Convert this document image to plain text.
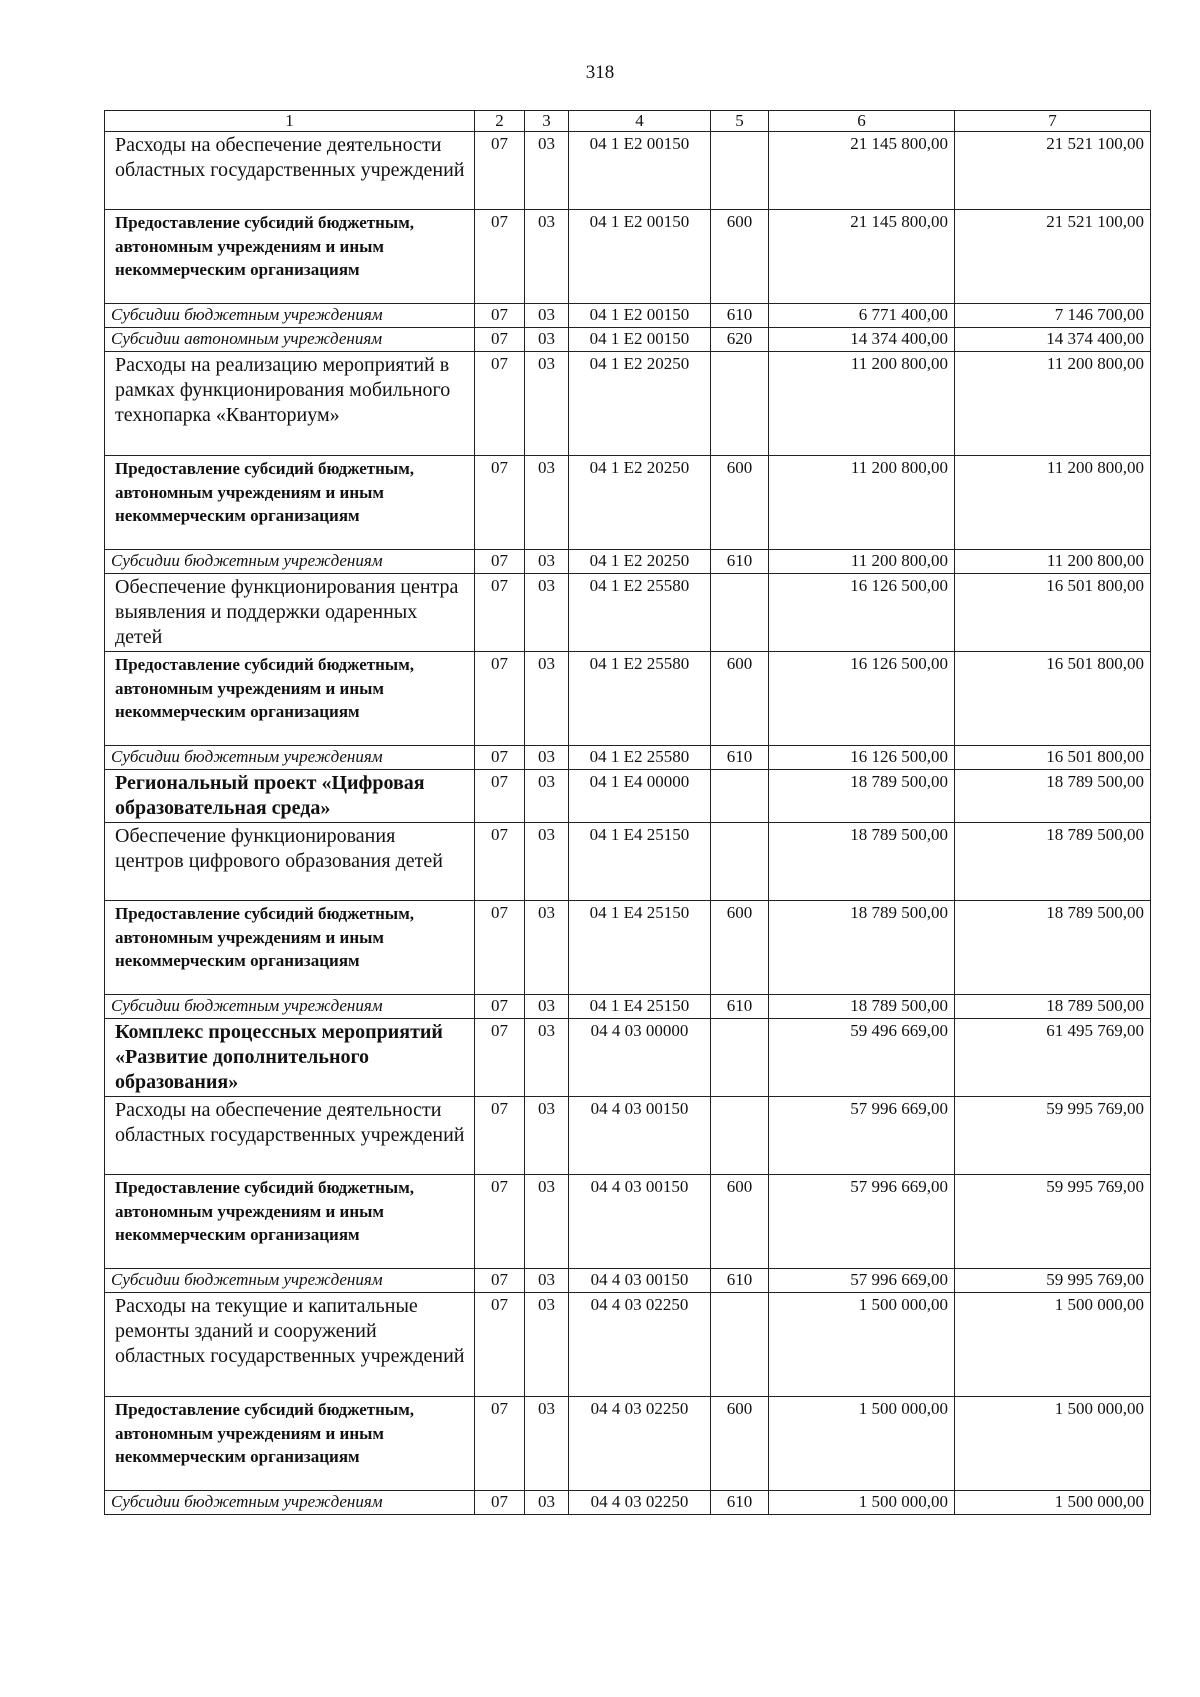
318
1	2	3	4	5	6	7
Расходы на обеспечение деятельности областных государственных учреждений	07	03	04 1 E2 00150		21 145 800,00	21 521 100,00
Предоставление субсидий бюджетным, автономным учреждениям и иным некоммерческим организациям	07	03	04 1 E2 00150	600	21 145 800,00	21 521 100,00
Субсидии бюджетным учреждениям	07	03	04 1 E2 00150	610	6 771 400,00	7 146 700,00
Субсидии автономным учреждениям	07	03	04 1 E2 00150	620	14 374 400,00	14 374 400,00
Расходы на реализацию мероприятий в рамках функционирования мобильного технопарка «Кванториум»	07	03	04 1 E2 20250		11 200 800,00	11 200 800,00
Предоставление субсидий бюджетным, автономным учреждениям и иным некоммерческим организациям	07	03	04 1 E2 20250	600	11 200 800,00	11 200 800,00
Субсидии бюджетным учреждениям	07	03	04 1 E2 20250	610	11 200 800,00	11 200 800,00
Обеспечение функционирования центра выявления и поддержки одаренных детей	07	03	04 1 E2 25580		16 126 500,00	16 501 800,00
Предоставление субсидий бюджетным, автономным учреждениям и иным некоммерческим организациям	07	03	04 1 E2 25580	600	16 126 500,00	16 501 800,00
Субсидии бюджетным учреждениям	07	03	04 1 E2 25580	610	16 126 500,00	16 501 800,00
Региональный проект «Цифровая образовательная среда»	07	03	04 1 E4 00000		18 789 500,00	18 789 500,00
Обеспечение функционирования центров цифрового образования детей	07	03	04 1 E4 25150		18 789 500,00	18 789 500,00
Предоставление субсидий бюджетным, автономным учреждениям и иным некоммерческим организациям	07	03	04 1 E4 25150	600	18 789 500,00	18 789 500,00
Субсидии бюджетным учреждениям	07	03	04 1 E4 25150	610	18 789 500,00	18 789 500,00
Комплекс процессных мероприятий «Развитие дополнительного образования»	07	03	04 4 03 00000		59 496 669,00	61 495 769,00
Расходы на обеспечение деятельности областных государственных учреждений	07	03	04 4 03 00150		57 996 669,00	59 995 769,00
Предоставление субсидий бюджетным, автономным учреждениям и иным некоммерческим организациям	07	03	04 4 03 00150	600	57 996 669,00	59 995 769,00
Субсидии бюджетным учреждениям	07	03	04 4 03 00150	610	57 996 669,00	59 995 769,00
Расходы на текущие и капитальные ремонты зданий и сооружений областных государственных учреждений	07	03	04 4 03 02250		1 500 000,00	1 500 000,00
Предоставление субсидий бюджетным, автономным учреждениям и иным некоммерческим организациям	07	03	04 4 03 02250	600	1 500 000,00	1 500 000,00
Субсидии бюджетным учреждениям	07	03	04 4 03 02250	610	1 500 000,00	1 500 000,00
